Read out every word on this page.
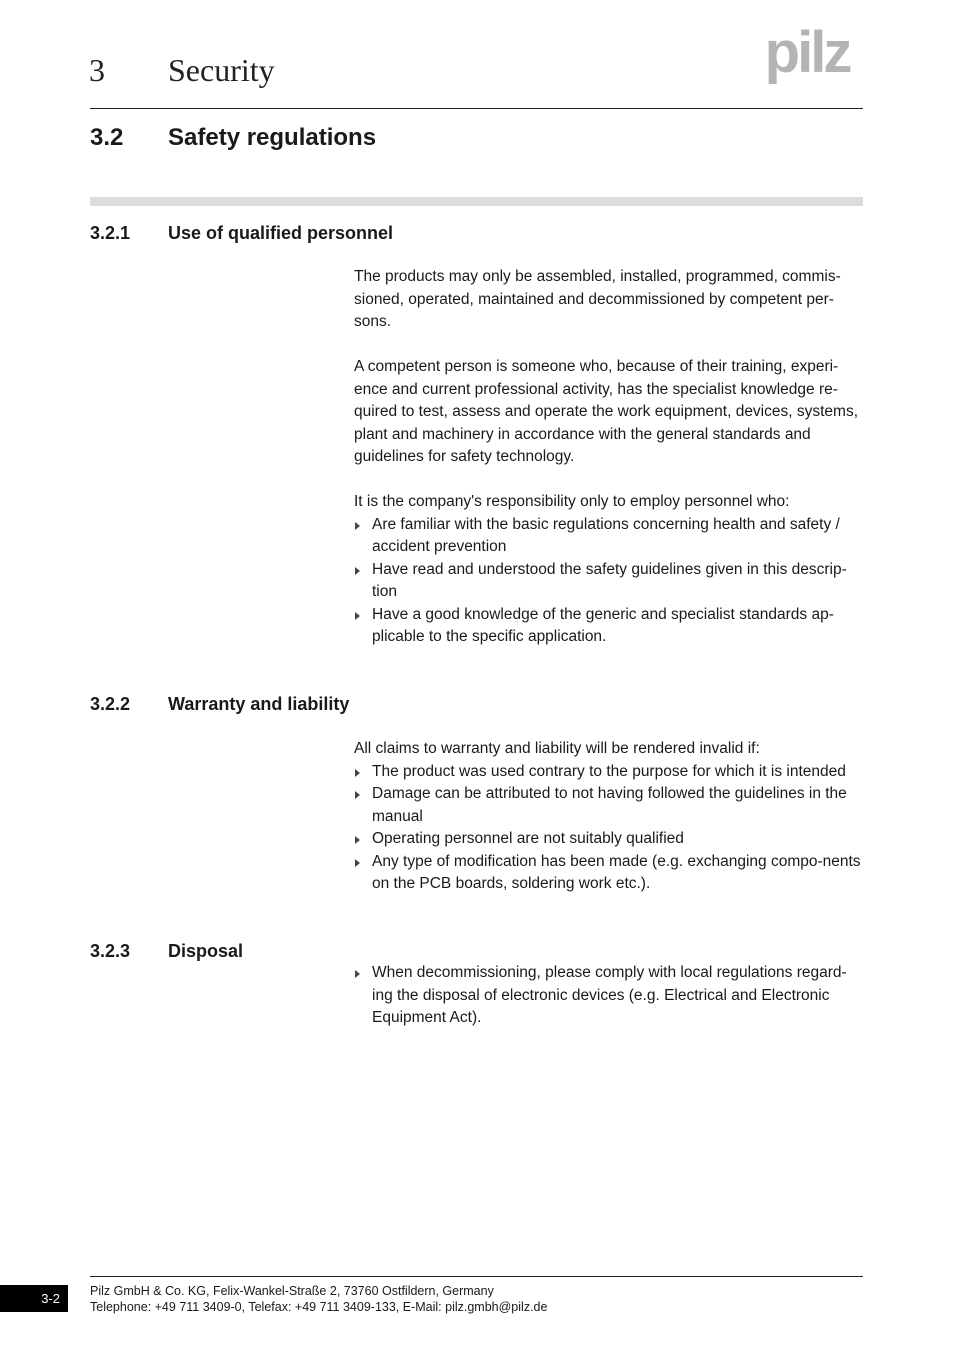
3 Security	pilz
3.2 Safety regulations
3.2.1 Use of qualified personnel

The products may only be assembled, installed, programmed, commis-sioned, operated, maintained and decommissioned by competent per-sons.

A competent person is someone who, because of their training, experi-ence and current professional activity, has the specialist knowledge re-quired to test, assess and operate the work equipment, devices, systems, plant and machinery in accordance with the general standards and guidelines for safety technology.

It is the company's responsibility only to employ personnel who:

Are familiar with the basic regulations concerning health and safety / accident prevention
Have read and understood the safety guidelines given in this descrip-tion
Have a good knowledge of the generic and specialist standards ap-plicable to the specific application.
3.2.2 Warranty and liability

All claims to warranty and liability will be rendered invalid if:

The product was used contrary to the purpose for which it is intended
Damage can be attributed to not having followed the guidelines in the manual
Operating personnel are not suitably qualified
Any type of modification has been made (e.g. exchanging compo-nents on the PCB boards, soldering work etc.).
3.2.3 Disposal
When decommissioning, please comply with local regulations regard-ing the disposal of electronic devices (e.g. Electrical and Electronic Equipment Act).
3-2	Pilz GmbH & Co. KG, Felix-Wankel-Straße 2, 73760 Ostfildern, Germany
Telephone: +49 711 3409-0, Telefax: +49 711 3409-133, E-Mail: pilz.gmbh@pilz.de
